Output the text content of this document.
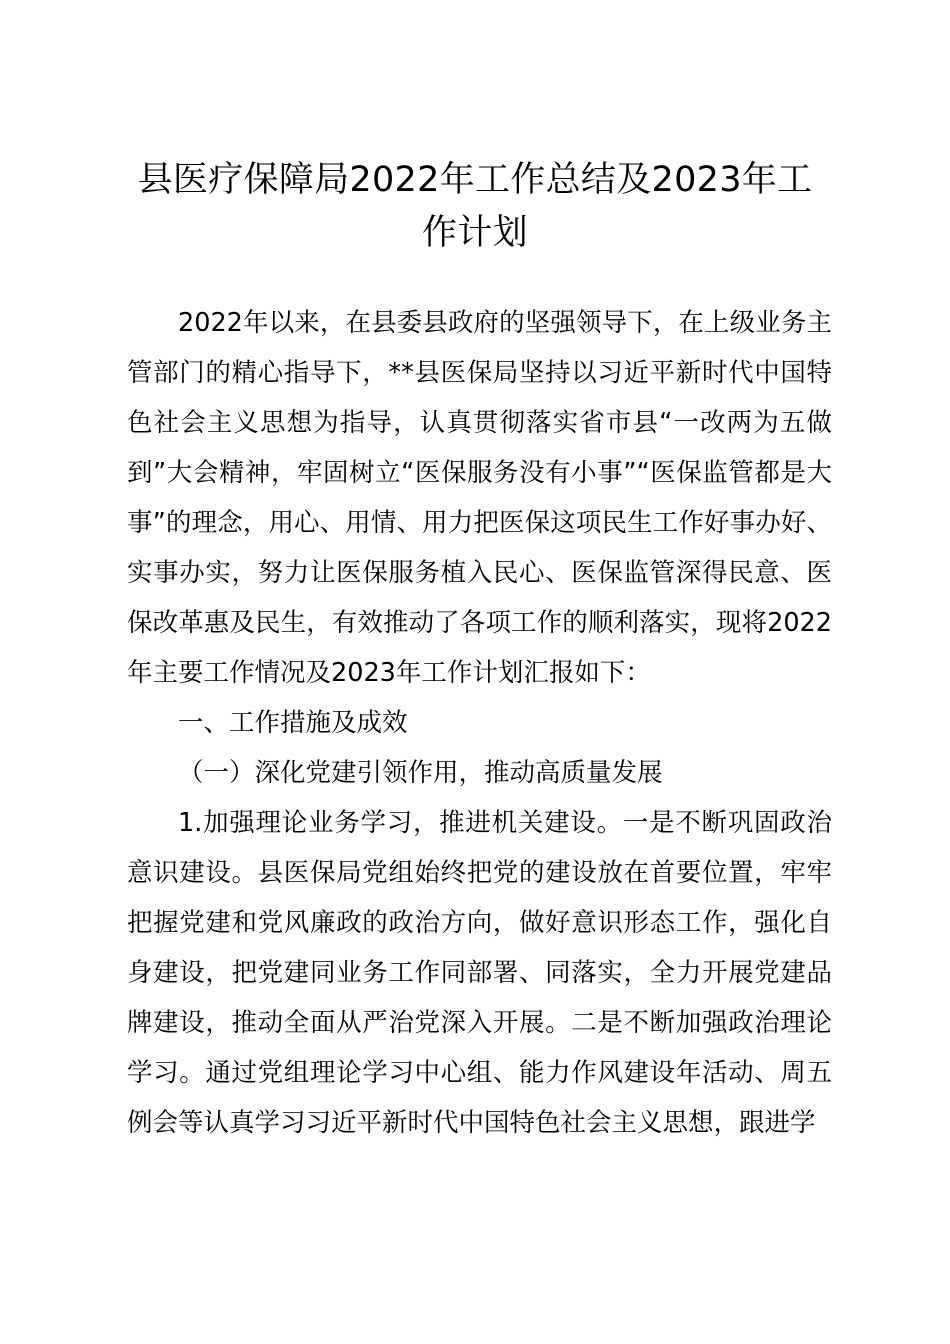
县医疗保障局2022年工作总结及2023年工作计划

2022年以来，在县委县政府的坚强领导下，在上级业务主管部门的精心指导下，**县医保局坚持以习近平新时代中国特色社会主义思想为指导，认真贯彻落实省市县“一改两为五做到”大会精神，牢固树立“医保服务没有小事”“医保监管都是大事”的理念，用心、用情、用力把医保这项民生工作好事办好、实事办实，努力让医保服务植入民心、医保监管深得民意、医保改革惠及民生，有效推动了各项工作的顺利落实，现将2022年主要工作情况及2023年工作计划汇报如下：

一、工作措施及成效

（一）深化党建引领作用，推动高质量发展

1.加强理论业务学习，推进机关建设。一是不断巩固政治意识建设。县医保局党组始终把党的建设放在首要位置，牢牢把握党建和党风廉政的政治方向，做好意识形态工作，强化自身建设，把党建同业务工作同部署、同落实，全力开展党建品牌建设，推动全面从严治党深入开展。二是不断加强政治理论学习。通过党组理论学习中心组、能力作风建设年活动、周五例会等认真学习习近平新时代中国特色社会主义思想，跟进学
